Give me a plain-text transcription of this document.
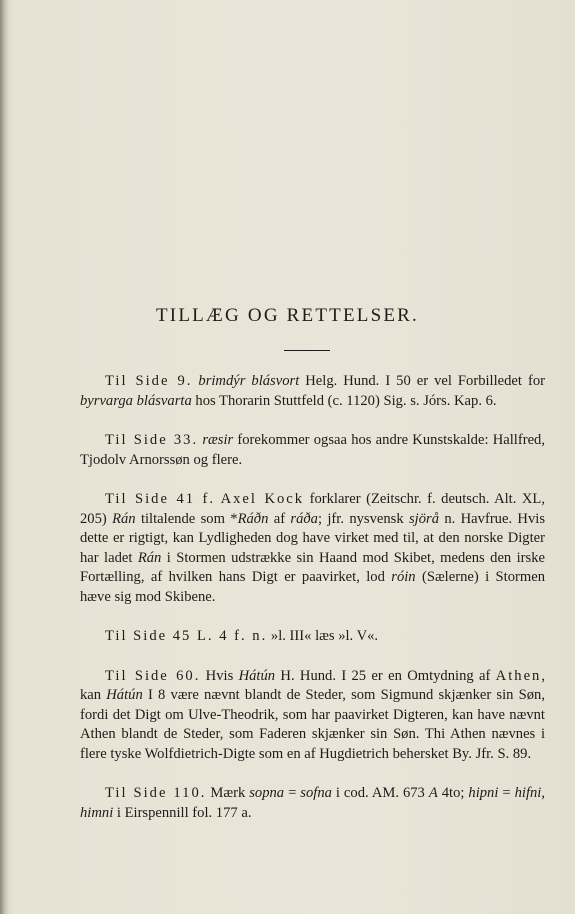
TILLÆG OG RETTELSER.

Til Side 9. brimdýr blásvort Helg. Hund. I 50 er vel Forbilledet for byrvarga blásvarta hos Thorarin Stuttfeld (c. 1120) Sig. s. Jórs. Kap. 6.

Til Side 33. ræsir forekommer ogsaa hos andre Kunstskalde: Hallfred, Tjodolv Arnorssøn og flere.

Til Side 41 f. Axel Kock forklarer (Zeitschr. f. deutsch. Alt. XL, 205) Rán tiltalende som *Ráðn af ráða; jfr. nysvensk sjörå n. Havfrue. Hvis dette er rigtigt, kan Lydligheden dog have virket med til, at den norske Digter har ladet Rán i Stormen udstrække sin Haand mod Skibet, medens den irske Fortælling, af hvilken hans Digt er paavirket, lod róin (Sælerne) i Stormen hæve sig mod Skibene.

Til Side 45 L. 4 f. n. »l. III« læs »l. V«.

Til Side 60. Hvis Hátún H. Hund. I 25 er en Omtydning af Athen, kan Hátún I 8 være nævnt blandt de Steder, som Sigmund skjænker sin Søn, fordi det Digt om Ulve-Theodrik, som har paavirket Digteren, kan have nævnt Athen blandt de Steder, som Faderen skjænker sin Søn. Thi Athen nævnes i flere tyske Wolfdietrich-Digte som en af Hugdietrich behersket By. Jfr. S. 89.

Til Side 110. Mærk sopna = sofna i cod. AM. 673 A 4to; hipni = hifni, himni i Eirspennill fol. 177 a.
